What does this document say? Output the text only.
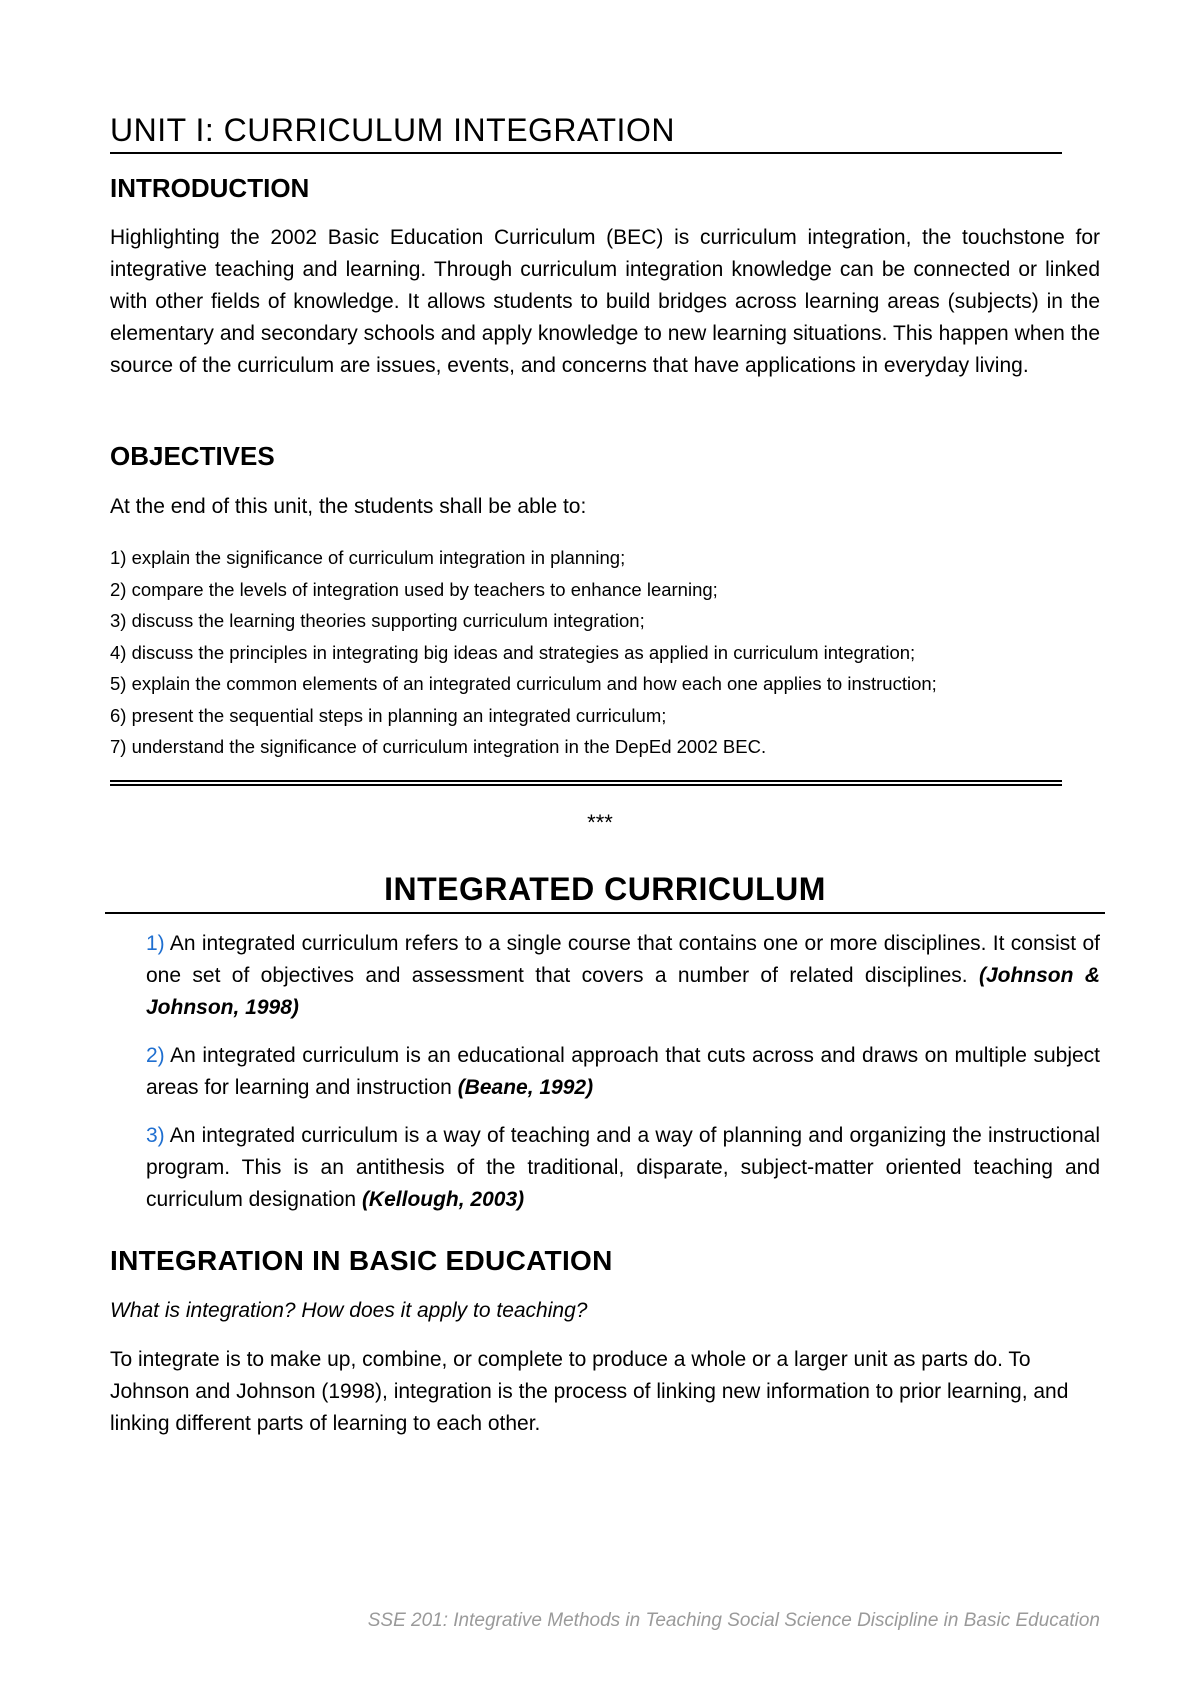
UNIT I: CURRICULUM INTEGRATION
INTRODUCTION

Highlighting the 2002 Basic Education Curriculum (BEC) is curriculum integration, the touchstone for integrative teaching and learning. Through curriculum integration knowledge can be connected or linked with other fields of knowledge. It allows students to build bridges across learning areas (subjects) in the elementary and secondary schools and apply knowledge to new learning situations. This happen when the source of the curriculum are issues, events, and concerns that have applications in everyday living.

OBJECTIVES

At the end of this unit, the students shall be able to:

1) explain the significance of curriculum integration in planning;
2) compare the levels of integration used by teachers to enhance learning;
3) discuss the learning theories supporting curriculum integration;
4) discuss the principles in integrating big ideas and strategies as applied in curriculum integration;
5) explain the common elements of an integrated curriculum and how each one applies to instruction;
6) present the sequential steps in planning an integrated curriculum;
7) understand the significance of curriculum integration in the DepEd 2002 BEC.
***
INTEGRATED CURRICULUM
1) An integrated curriculum refers to a single course that contains one or more disciplines. It consist of one set of objectives and assessment that covers a number of related disciplines. (Johnson & Johnson, 1998)
2) An integrated curriculum is an educational approach that cuts across and draws on multiple subject areas for learning and instruction (Beane, 1992)
3) An integrated curriculum is a way of teaching and a way of planning and organizing the instructional program. This is an antithesis of the traditional, disparate, subject-matter oriented teaching and curriculum designation (Kellough, 2003)
INTEGRATION IN BASIC EDUCATION

What is integration? How does it apply to teaching?

To integrate is to make up, combine, or complete to produce a whole or a larger unit as parts do. To Johnson and Johnson (1998), integration is the process of linking new information to prior learning, and linking different parts of learning to each other.

SSE 201: Integrative Methods in Teaching Social Science Discipline in Basic Education
